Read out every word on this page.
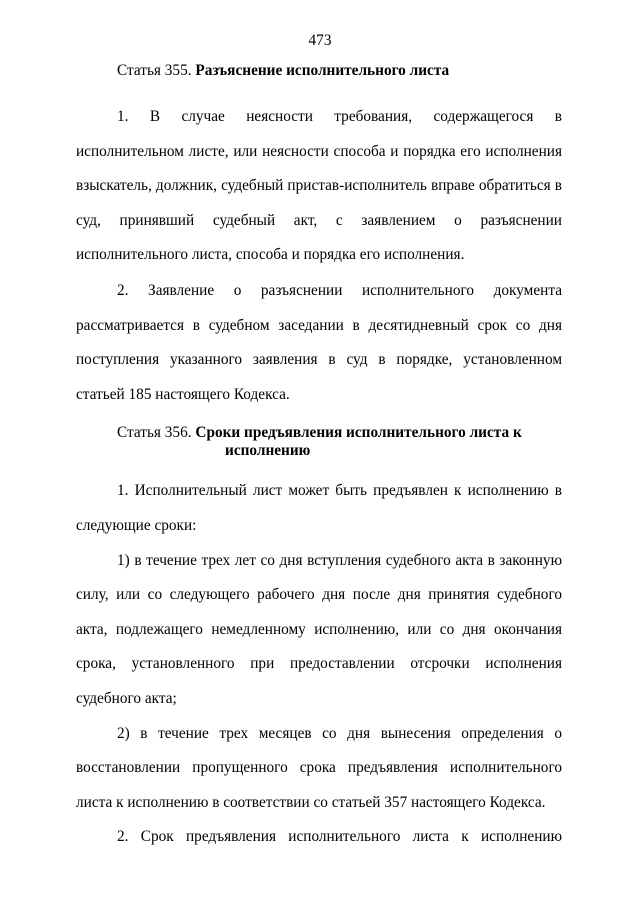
473
Статья 355. Разъяснение исполнительного листа

1. В случае неясности требования, содержащегося в исполнительном листе, или неясности способа и порядка его исполнения взыскатель, должник, судебный пристав-исполнитель вправе обратиться в суд, принявший судебный акт, с заявлением о разъяснении исполнительного листа, способа и порядка его исполнения.

2. Заявление о разъяснении исполнительного документа рассматривается в судебном заседании в десятидневный срок со дня поступления указанного заявления в суд в порядке, установленном статьей 185 настоящего Кодекса.

Статья 356. Сроки предъявления исполнительного листа к
исполнению

1. Исполнительный лист может быть предъявлен к исполнению в следующие сроки:

1) в течение трех лет со дня вступления судебного акта в законную силу, или со следующего рабочего дня после дня принятия судебного акта, подлежащего немедленному исполнению, или со дня окончания срока, установленного при предоставлении отсрочки исполнения судебного акта;

2) в течение трех месяцев со дня вынесения определения о восстановлении пропущенного срока предъявления исполнительного листа к исполнению в соответствии со статьей 357 настоящего Кодекса.

2. Срок предъявления исполнительного листа к исполнению
